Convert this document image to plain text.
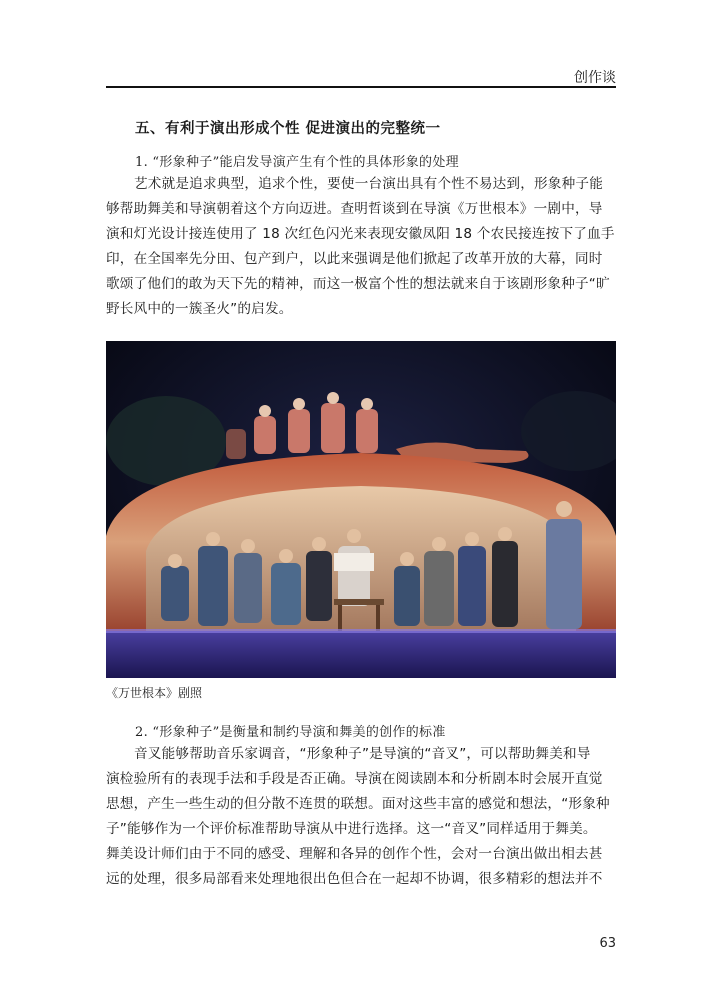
创作谈
五、有利于演出形成个性 促进演出的完整统一
1. “形象种子”能启发导演产生有个性的具体形象的处理
艺术就是追求典型，追求个性，要使一台演出具有个性不易达到，形象种子能
够帮助舞美和导演朝着这个方向迈进。查明哲谈到在导演《万世根本》一剧中，导
演和灯光设计接连使用了 18 次红色闪光来表现安徽凤阳 18 个农民接连按下了血手
印，在全国率先分田、包产到户，以此来强调是他们掀起了改革开放的大幕，同时
歌颂了他们的敢为天下先的精神，而这一极富个性的想法就来自于该剧形象种子“旷
野长风中的一簇圣火”的启发。
《万世根本》剧照
2. “形象种子”是衡量和制约导演和舞美的创作的标准
音叉能够帮助音乐家调音，“形象种子”是导演的“音叉”，可以帮助舞美和导
演检验所有的表现手法和手段是否正确。导演在阅读剧本和分析剧本时会展开直觉
思想，产生一些生动的但分散不连贯的联想。面对这些丰富的感觉和想法，“形象种
子”能够作为一个评价标准帮助导演从中进行选择。这一“音叉”同样适用于舞美。
舞美设计师们由于不同的感受、理解和各异的创作个性，会对一台演出做出相去甚
远的处理，很多局部看来处理地很出色但合在一起却不协调，很多精彩的想法并不
63
